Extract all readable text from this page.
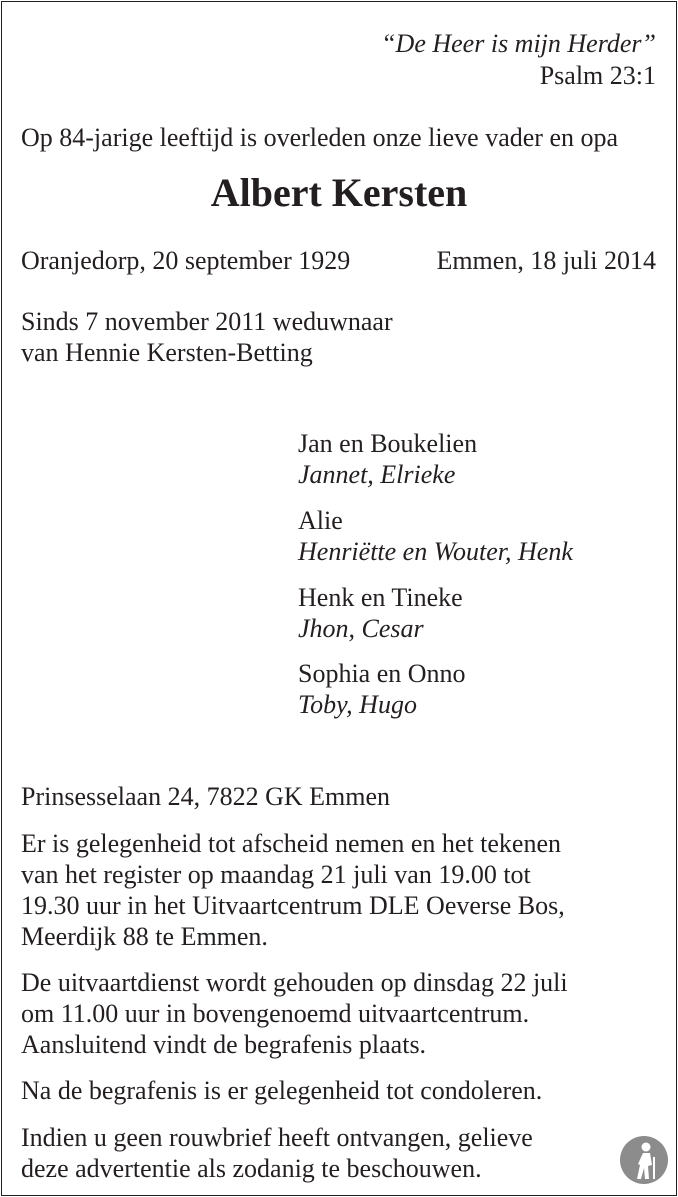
“De Heer is mijn Herder”
Psalm 23:1
Op 84-jarige leeftijd is overleden onze lieve vader en opa
Albert Kersten
Oranjedorp, 20 september 1929	Emmen, 18 juli 2014
Sinds 7 november 2011 weduwnaar
van Hennie Kersten-Betting
Jan en Boukelien
Jannet, Elrieke
Alie
Henriëtte en Wouter, Henk
Henk en Tineke
Jhon, Cesar
Sophia en Onno
Toby, Hugo
Prinsesselaan 24, 7822 GK Emmen
Er is gelegenheid tot afscheid nemen en het tekenen
van het register op maandag 21 juli van 19.00 tot
19.30 uur in het Uitvaartcentrum DLE Oeverse Bos,
Meerdijk 88 te Emmen.
De uitvaartdienst wordt gehouden op dinsdag 22 juli
om 11.00 uur in bovengenoemd uitvaartcentrum.
Aansluitend vindt de begrafenis plaats.
Na de begrafenis is er gelegenheid tot condoleren.
Indien u geen rouwbrief heeft ontvangen, gelieve
deze advertentie als zodanig te beschouwen.
